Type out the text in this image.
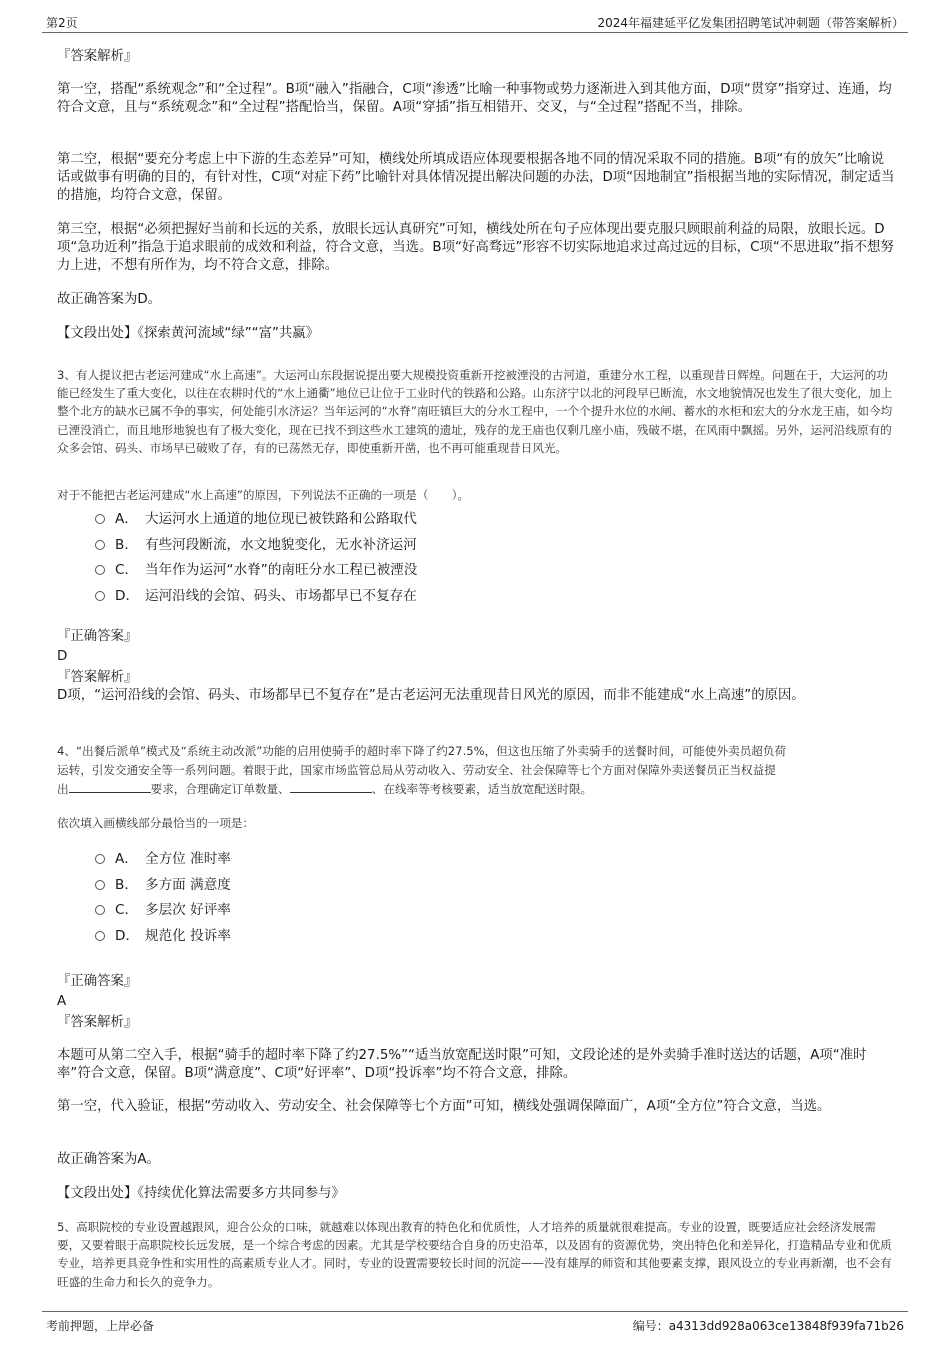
第2页	2024年福建延平亿发集团招聘笔试冲刺题（带答案解析）
『答案解析』
第一空，搭配“系统观念”和“全过程”。B项“融入”指融合，C项“渗透”比喻一种事物或势力逐渐进入到其他方面，D项“贯穿”指穿过、连通，均符合文意，且与“系统观念”和“全过程”搭配恰当，保留。A项“穿插”指互相错开、交叉，与“全过程”搭配不当，排除。
第二空，根据“要充分考虑上中下游的生态差异”可知，横线处所填成语应体现要根据各地不同的情况采取不同的措施。B项“有的放矢”比喻说话或做事有明确的目的，有针对性，C项“对症下药”比喻针对具体情况提出解决问题的办法，D项“因地制宜”指根据当地的实际情况，制定适当的措施，均符合文意，保留。
第三空，根据“必须把握好当前和长远的关系，放眼长远认真研究”可知，横线处所在句子应体现出要克服只顾眼前利益的局限，放眼长远。D项“急功近利”指急于追求眼前的成效和利益，符合文意，当选。B项“好高骛远”形容不切实际地追求过高过远的目标，C项“不思进取”指不想努力上进，不想有所作为，均不符合文意，排除。
故正确答案为D。
【文段出处】《探索黄河流域“绿”“富”共赢》
3、有人提议把古老运河建成“水上高速”。大运河山东段据说提出要大规模投资重新开挖被湮没的古河道，重建分水工程，以重现昔日辉煌。问题在于，大运河的功能已经发生了重大变化，以往在农耕时代的“水上通衢”地位已让位于工业时代的铁路和公路。山东济宁以北的河段早已断流，水文地貌情况也发生了很大变化，加上整个北方的缺水已属不争的事实，何处能引水济运？当年运河的“水脊”南旺镇巨大的分水工程中，一个个提升水位的水闸、蓄水的水柜和宏大的分水龙王庙，如今均已湮没消亡，而且地形地貌也有了极大变化，现在已找不到这些水工建筑的遗址，残存的龙王庙也仅剩几座小庙，残破不堪，在风雨中飘摇。另外，运河沿线原有的众多会馆、码头、市场早已破败了存，有的已荡然无存，即使重新开凿，也不再可能重现昔日风光。
对于不能把古老运河建成“水上高速”的原因，下列说法不正确的一项是（　　）。
A． 大运河水上通道的地位现已被铁路和公路取代
B． 有些河段断流，水文地貌变化，无水补济运河
C． 当年作为运河“水脊”的南旺分水工程已被湮没
D． 运河沿线的会馆、码头、市场都早已不复存在
『正确答案』
D
『答案解析』
D项，“运河沿线的会馆、码头、市场都早已不复存在”是古老运河无法重现昔日风光的原因，而非不能建成“水上高速”的原因。
4、“出餐后派单”模式及“系统主动改派”功能的启用使骑手的超时率下降了约27.5%，但这也压缩了外卖骑手的送餐时间，可能使外卖员超负荷
运转，引发交通安全等一系列问题。着眼于此，国家市场监管总局从劳动收入、劳动安全、社会保障等七个方面对保障外卖送餐员正当权益提
出	要求，合理确定订单数量、	、在线率等考核要素，适当放宽配送时限。
依次填入画横线部分最恰当的一项是：
A． 全方位 准时率
B． 多方面 满意度
C． 多层次 好评率
D． 规范化 投诉率
『正确答案』
A
『答案解析』
本题可从第二空入手，根据“骑手的超时率下降了约27.5%”“适当放宽配送时限”可知，文段论述的是外卖骑手准时送达的话题，A项“准时率”符合文意，保留。B项“满意度”、C项“好评率”、D项“投诉率”均不符合文意，排除。
第一空，代入验证，根据“劳动收入、劳动安全、社会保障等七个方面”可知，横线处强调保障面广，A项“全方位”符合文意，当选。
故正确答案为A。
【文段出处】《持续优化算法需要多方共同参与》
5、高职院校的专业设置越跟风，迎合公众的口味，就越难以体现出教育的特色化和优质性，人才培养的质量就很难提高。专业的设置，既要适应社会经济发展需要，又要着眼于高职院校长远发展，是一个综合考虑的因素。尤其是学校要结合自身的历史沿革，以及固有的资源优势，突出特色化和差异化，打造精品专业和优质专业，培养更具竞争性和实用性的高素质专业人才。同时，专业的设置需要较长时间的沉淀——没有雄厚的师资和其他要素支撑，跟风设立的专业再新潮，也不会有旺盛的生命力和长久的竞争力。
考前押题，上岸必备	编号：a4313dd928a063ce13848f939fa71b26
